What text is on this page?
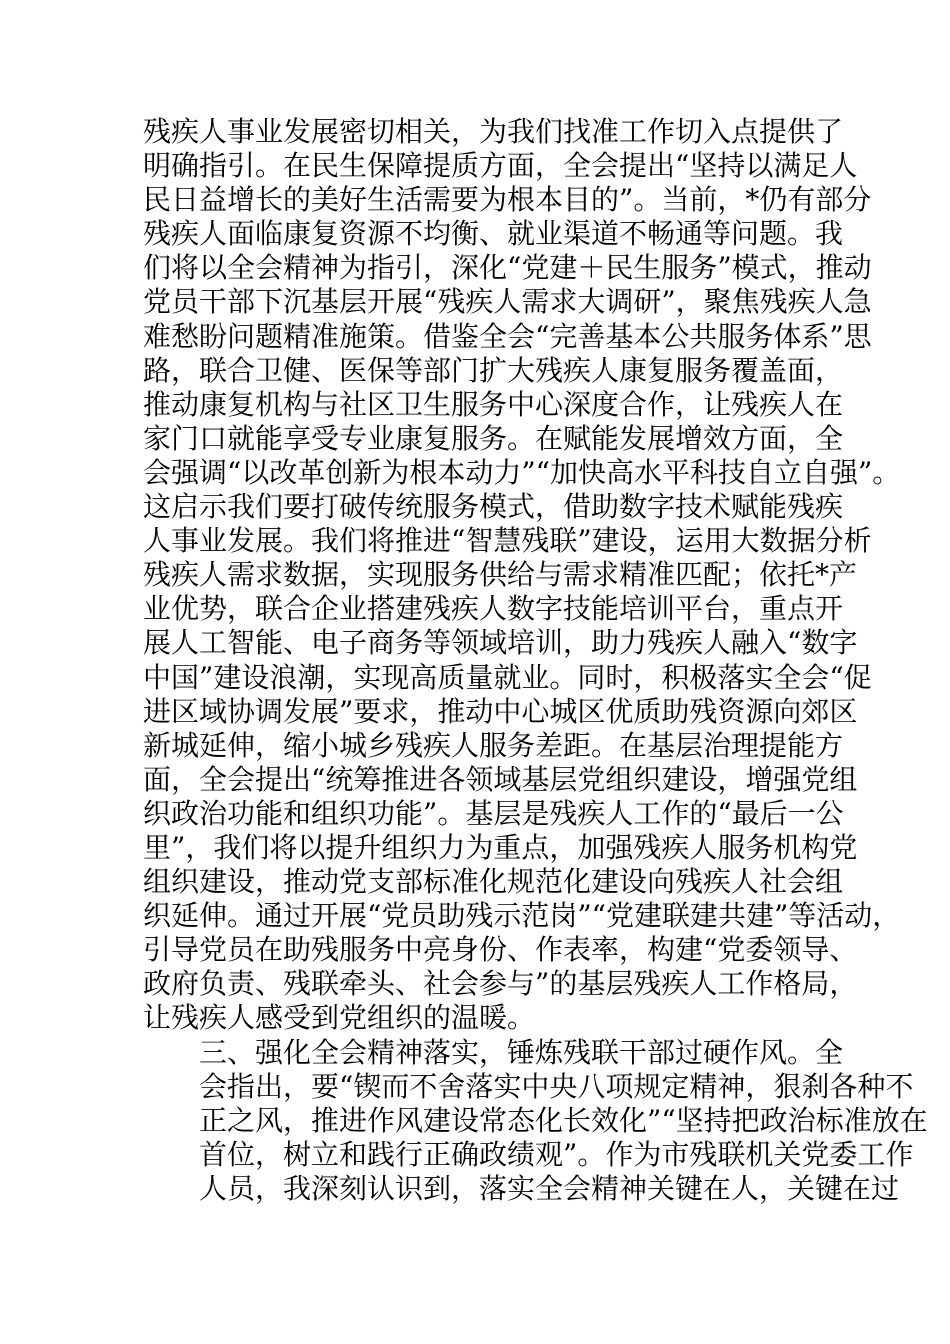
残疾人事业发展密切相关，为我们找准工作切入点提供了
明确指引。在民生保障提质方面，全会提出“坚持以满足人
民日益增长的美好生活需要为根本目的”。当前，*仍有部分
残疾人面临康复资源不均衡、就业渠道不畅通等问题。我
们将以全会精神为指引，深化“党建＋民生服务”模式，推动
党员干部下沉基层开展“残疾人需求大调研”，聚焦残疾人急
难愁盼问题精准施策。借鉴全会“完善基本公共服务体系”思
路，联合卫健、医保等部门扩大残疾人康复服务覆盖面，
推动康复机构与社区卫生服务中心深度合作，让残疾人在
家门口就能享受专业康复服务。在赋能发展增效方面，全
会强调“以改革创新为根本动力”“加快高水平科技自立自强”。
这启示我们要打破传统服务模式，借助数字技术赋能残疾
人事业发展。我们将推进“智慧残联”建设，运用大数据分析
残疾人需求数据，实现服务供给与需求精准匹配；依托*产
业优势，联合企业搭建残疾人数字技能培训平台，重点开
展人工智能、电子商务等领域培训，助力残疾人融入“数字
中国”建设浪潮，实现高质量就业。同时，积极落实全会“促
进区域协调发展”要求，推动中心城区优质助残资源向郊区
新城延伸，缩小城乡残疾人服务差距。在基层治理提能方
面，全会提出“统筹推进各领域基层党组织建设，增强党组
织政治功能和组织功能”。基层是残疾人工作的“最后一公
里”，我们将以提升组织力为重点，加强残疾人服务机构党
组织建设，推动党支部标准化规范化建设向残疾人社会组
织延伸。通过开展“党员助残示范岗”“党建联建共建”等活动，
引导党员在助残服务中亮身份、作表率，构建“党委领导、
政府负责、残联牵头、社会参与”的基层残疾人工作格局，
让残疾人感受到党组织的温暖。
三、强化全会精神落实，锤炼残联干部过硬作风。全
会指出，要“锲而不舍落实中央八项规定精神，狠刹各种不
正之风，推进作风建设常态化长效化”“坚持把政治标准放在
首位，树立和践行正确政绩观”。作为市残联机关党委工作
人员，我深刻认识到，落实全会精神关键在人，关键在过
